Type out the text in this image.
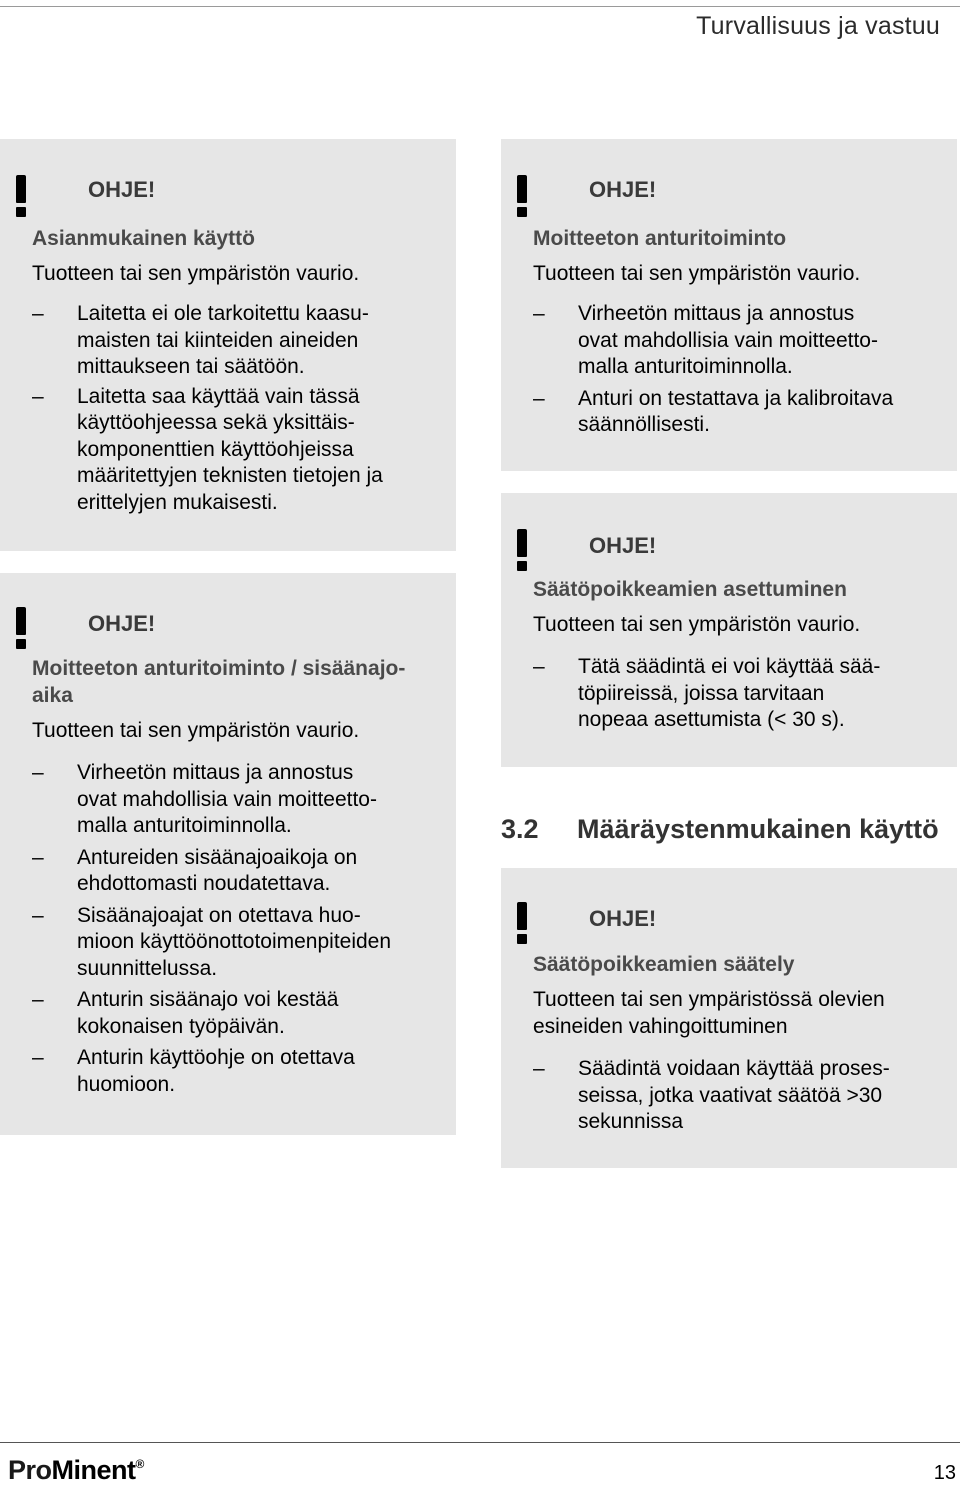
Turvallisuus ja vastuu
OHJE!
Asianmukainen käyttö
Tuotteen tai sen ympäristön vaurio.
– Laitetta ei ole tarkoitettu kaasu-
maisten tai kiinteiden aineiden
mittaukseen tai säätöön.
– Laitetta saa käyttää vain tässä
käyttöohjeessa sekä yksittäis-
komponenttien käyttöohjeissa
määritettyjen teknisten tietojen ja
erittelyjen mukaisesti.
OHJE!
Moitteeton anturitoiminto / sisäänajo-
aika
Tuotteen tai sen ympäristön vaurio.
– Virheetön mittaus ja annostus
ovat mahdollisia vain moitteetto-
malla anturitoiminnolla.
– Antureiden sisäänajoaikoja on
ehdottomasti noudatettava.
– Sisäänajoajat on otettava huo-
mioon käyttöönottotoimenpiteiden
suunnittelussa.
– Anturin sisäänajo voi kestää
kokonaisen työpäivän.
– Anturin käyttöohje on otettava
huomioon.
OHJE!
Moitteeton anturitoiminto
Tuotteen tai sen ympäristön vaurio.
– Virheetön mittaus ja annostus
ovat mahdollisia vain moitteetto-
malla anturitoiminnolla.
– Anturi on testattava ja kalibroitava
säännöllisesti.
OHJE!
Säätöpoikkeamien asettuminen
Tuotteen tai sen ympäristön vaurio.
– Tätä säädintä ei voi käyttää sää-
töpiireissä, joissa tarvitaan
nopeaa asettumista (< 30 s).
3.2 Määräystenmukainen käyttö
OHJE!
Säätöpoikkeamien säätely
Tuotteen tai sen ympäristössä olevien
esineiden vahingoittuminen
– Säädintä voidaan käyttää proses-
seissa, jotka vaativat säätöä >30
sekunnissa
ProMinent®	13
